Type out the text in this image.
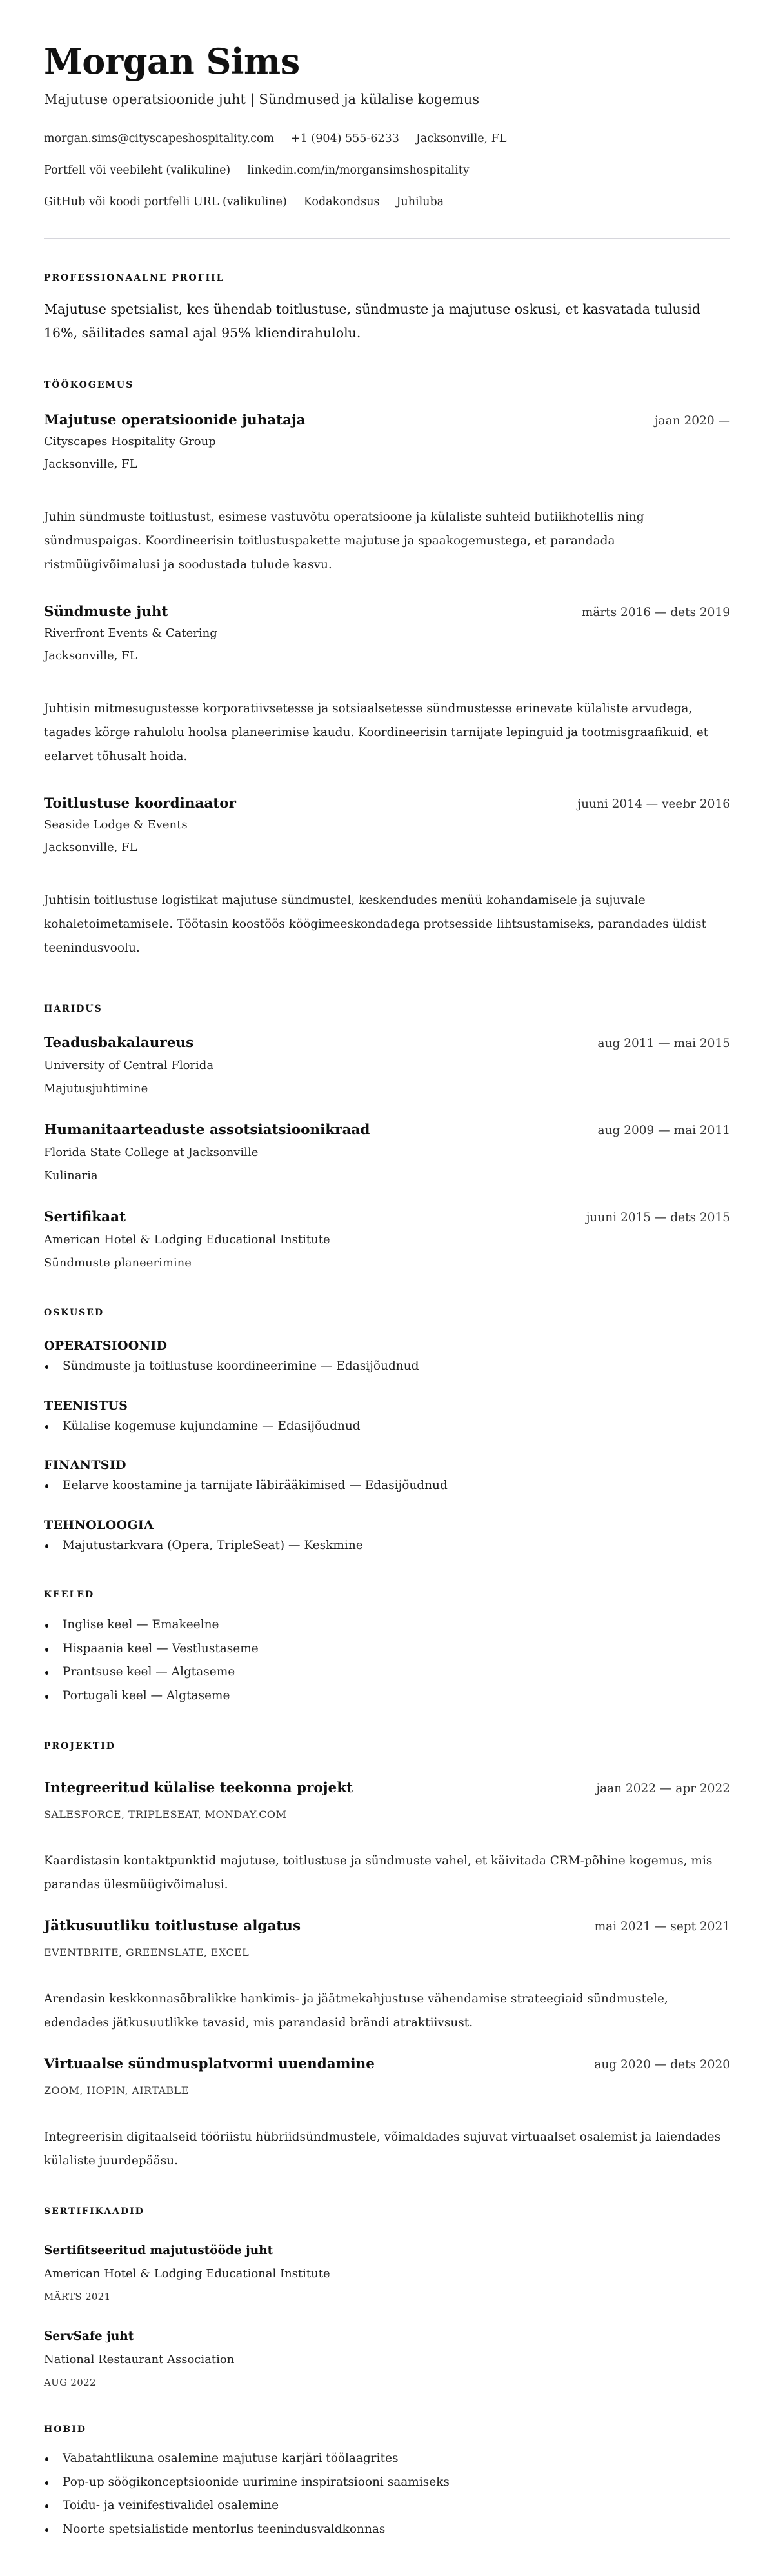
Morgan Sims
Majutuse operatsioonide juht | Sündmused ja külalise kogemus
morgan.sims@cityscapeshospitality.com +1 (904) 555-6233 Jacksonville, FL
Portfell või veebileht (valikuline) linkedin.com/in/morgansimshospitality
GitHub või koodi portfelli URL (valikuline) Kodakondsus Juhiluba
PROFESSIONAALNE PROFIIL

Majutuse spetsialist, kes ühendab toitlustuse, sündmuste ja majutuse oskusi, et kasvatada tulusid 16%, säilitades samal ajal 95% kliendirahulolu.

TÖÖKOGEMUS
Majutuse operatsioonide juhataja	jaan 2020 —
Cityscapes Hospitality Group
Jacksonville, FL
Juhin sündmuste toitlustust, esimese vastuvõtu operatsioone ja külaliste suhteid butiikhotellis ning sündmuspaigas. Koordineerisin toitlustuspakette majutuse ja spaakogemustega, et parandada ristmüügivõimalusi ja soodustada tulude kasvu.
Sündmuste juht	märts 2016 — dets 2019
Riverfront Events & Catering
Jacksonville, FL
Juhtisin mitmesugustesse korporatiivsetesse ja sotsiaalsetesse sündmustesse erinevate külaliste arvudega, tagades kõrge rahulolu hoolsa planeerimise kaudu. Koordineerisin tarnijate lepinguid ja tootmisgraafikuid, et eelarvet tõhusalt hoida.
Toitlustuse koordinaator	juuni 2014 — veebr 2016
Seaside Lodge & Events
Jacksonville, FL
Juhtisin toitlustuse logistikat majutuse sündmustel, keskendudes menüü kohandamisele ja sujuvale kohaletoimetamisele. Töötasin koostöös köögimeeskondadega protsesside lihtsustamiseks, parandades üldist teenindusvoolu.
HARIDUS
Teadusbakalaureus	aug 2011 — mai 2015
University of Central Florida
Majutusjuhtimine
Humanitaarteaduste assotsiatsioonikraad	aug 2009 — mai 2011
Florida State College at Jacksonville
Kulinaria
Sertifikaat	juuni 2015 — dets 2015
American Hotel & Lodging Educational Institute
Sündmuste planeerimine
OSKUSED
OPERATSIOONID
Sündmuste ja toitlustuse koordineerimine — Edasijõudnud
TEENISTUS
Külalise kogemuse kujundamine — Edasijõudnud
FINANTSID
Eelarve koostamine ja tarnijate läbirääkimised — Edasijõudnud
TEHNOLOOGIA
Majutustarkvara (Opera, TripleSeat) — Keskmine
KEELED
Inglise keel — Emakeelne
Hispaania keel — Vestlustaseme
Prantsuse keel — Algtaseme
Portugali keel — Algtaseme
PROJEKTID
Integreeritud külalise teekonna projekt	jaan 2022 — apr 2022
SALESFORCE, TRIPLESEAT, MONDAY.COM
Kaardistasin kontaktpunktid majutuse, toitlustuse ja sündmuste vahel, et käivitada CRM-põhine kogemus, mis parandas ülesmüügivõimalusi.
Jätkusuutliku toitlustuse algatus	mai 2021 — sept 2021
EVENTBRITE, GREENSLATE, EXCEL
Arendasin keskkonnasõbralikke hankimis- ja jäätmekahjustuse vähendamise strateegiaid sündmustele, edendades jätkusuutlikke tavasid, mis parandasid brändi atraktiivsust.
Virtuaalse sündmusplatvormi uuendamine	aug 2020 — dets 2020
ZOOM, HOPIN, AIRTABLE
Integreerisin digitaalseid tööriistu hübriidsündmustele, võimaldades sujuvat virtuaalset osalemist ja laiendades külaliste juurdepääsu.
SERTIFIKAADID
Sertifitseeritud majutustööde juht
American Hotel & Lodging Educational Institute
MÄRTS 2021
ServSafe juht
National Restaurant Association
AUG 2022
HOBID
Vabatahtlikuna osalemine majutuse karjäri töölaagrites
Pop-up söögikonceptsioonide uurimine inspiratsiooni saamiseks
Toidu- ja veinifestivalidel osalemine
Noorte spetsialistide mentorlus teenindusvaldkonnas
